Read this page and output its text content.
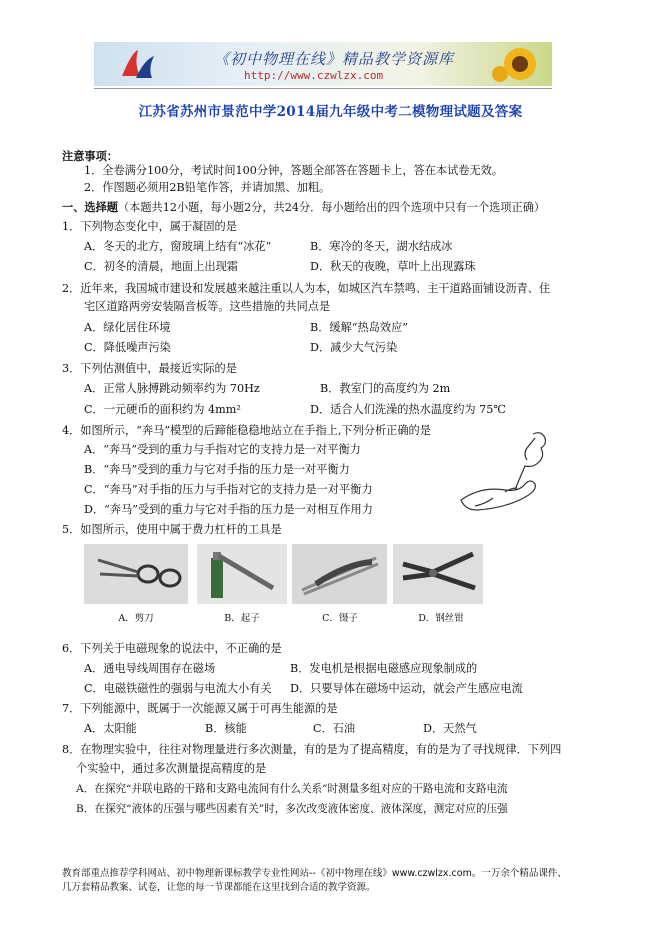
《初中物理在线》精品教学资源库
http://www.czwlzx.com
江苏省苏州市景范中学2014届九年级中考二模物理试题及答案
注意事项：
1．全卷满分100分，考试时间100分钟，答题全部答在答题卡上，答在本试卷无效。
2．作图题必须用2B铅笔作答，并请加黑、加粗。
一、选择题（本题共12小题，每小题2分，共24分．每小题给出的四个选项中只有一个选项正确）
1．下列物态变化中，属于凝固的是
A．冬天的北方，窗玻璃上结有“冰花”	B．寒冷的冬天，湖水结成冰
C．初冬的清晨，地面上出现霜	D．秋天的夜晚，草叶上出现露珠
2．近年来，我国城市建设和发展越来越注重以人为本，如城区汽车禁鸣、主干道路面铺设沥青、住
宅区道路两旁安装隔音板等。这些措施的共同点是
A．绿化居住环境	B．缓解“热岛效应”
C．降低噪声污染	D．减少大气污染
3．下列估测值中，最接近实际的是
A．正常人脉搏跳动频率约为 70Hz	B．教室门的高度约为 2m
C．一元硬币的面积约为 4mm²	D．适合人们洗澡的热水温度约为 75℃
4．如图所示，“奔马”模型的后蹄能稳稳地站立在手指上,下列分析正确的是
A．“奔马”受到的重力与手指对它的支持力是一对平衡力
B．“奔马”受到的重力与它对手指的压力是一对平衡力
C．“奔马”对手指的压力与手指对它的支持力是一对平衡力
D．“奔马”受到的重力与它对手指的压力是一对相互作用力
5．如图所示，使用中属于费力杠杆的工具是
A．剪刀	B．起子	C．镊子	D．钢丝钳
6．下列关于电磁现象的说法中，不正确的是
A．通电导线周围存在磁场	B．发电机是根据电磁感应现象制成的
C．电磁铁磁性的强弱与电流大小有关 D．只要导体在磁场中运动，就会产生感应电流
7．下列能源中，既属于一次能源又属于可再生能源的是
A．太阳能	B．核能	C．石油	D．天然气
8．在物理实验中，往往对物理量进行多次测量，有的是为了提高精度，有的是为了寻找规律．下列四
个实验中，通过多次测量提高精度的是
A．在探究“并联电路的干路和支路电流间有什么关系”时测量多组对应的干路电流和支路电流
B．在探究“液体的压强与哪些因素有关”时，多次改变液体密度、液体深度，测定对应的压强
教育部重点推荐学科网站、初中物理新课标教学专业性网站--《初中物理在线》www.czwlzx.com。一万余个精品课件、
几万套精品教案、试卷，让您的每一节课都能在这里找到合适的教学资源。
